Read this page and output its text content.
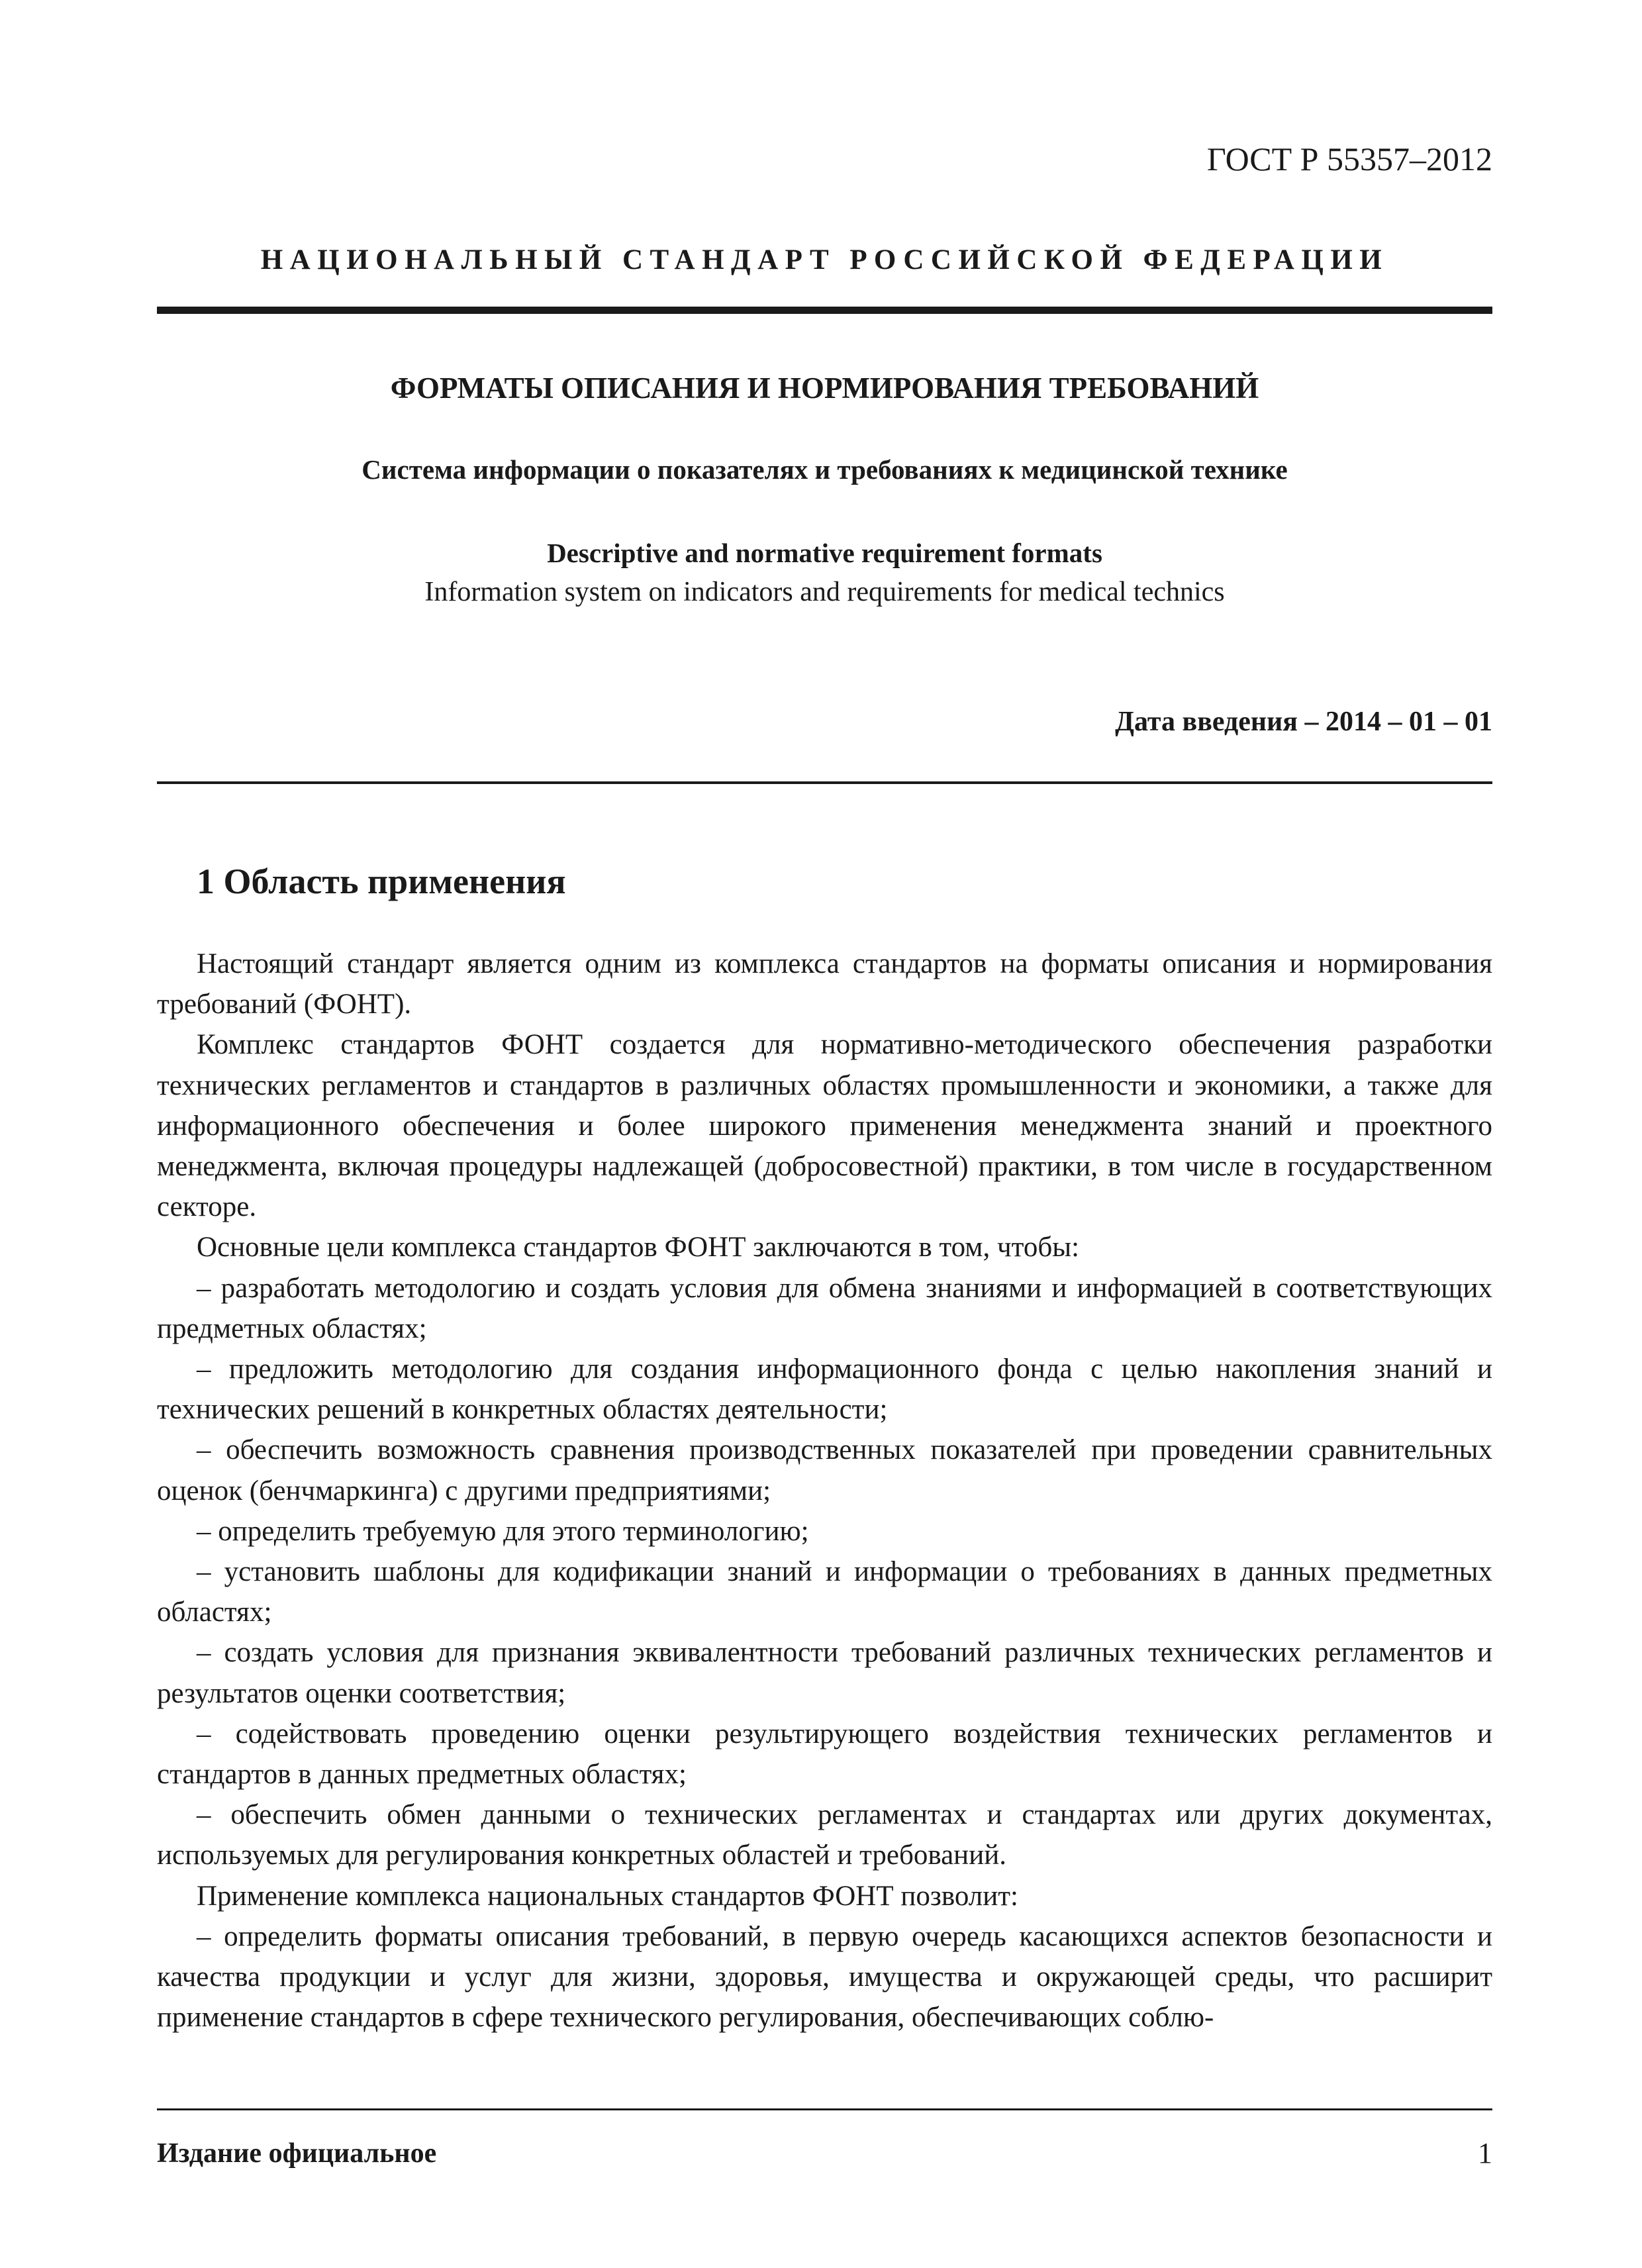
ГОСТ Р 55357–2012
НАЦИОНАЛЬНЫЙ СТАНДАРТ РОССИЙСКОЙ ФЕДЕРАЦИИ
ФОРМАТЫ ОПИСАНИЯ И НОРМИРОВАНИЯ ТРЕБОВАНИЙ
Система информации о показателях и требованиях к медицинской технике
Descriptive and normative requirement formats
Information system on indicators and requirements for medical technics
Дата введения – 2014 – 01 – 01
1 Область применения

Настоящий стандарт является одним из комплекса стандартов на форматы описания и нормирования требований (ФОНТ).

Комплекс стандартов ФОНТ создается для нормативно-методического обеспечения разработки технических регламентов и стандартов в различных областях промышленности и экономики, а также для информационного обеспечения и более широкого применения менеджмента знаний и проектного менеджмента, включая процедуры надлежащей (добросовестной) практики, в том числе в государственном секторе.

Основные цели комплекса стандартов ФОНТ заключаются в том, чтобы:

– разработать методологию и создать условия для обмена знаниями и информацией в соответствующих предметных областях;

– предложить методологию для создания информационного фонда с целью накопления знаний и технических решений в конкретных областях деятельности;

– обеспечить возможность сравнения производственных показателей при проведении сравнительных оценок (бенчмаркинга) с другими предприятиями;

– определить требуемую для этого терминологию;

– установить шаблоны для кодификации знаний и информации о требованиях в данных предметных областях;

– создать условия для признания эквивалентности требований различных технических регламентов и результатов оценки соответствия;

– содействовать проведению оценки результирующего воздействия технических регламентов и стандартов в данных предметных областях;

– обеспечить обмен данными о технических регламентах и стандартах или других документах, используемых для регулирования конкретных областей и требований.

Применение комплекса национальных стандартов ФОНТ позволит:

– определить форматы описания требований, в первую очередь касающихся аспектов безопасности и качества продукции и услуг для жизни, здоровья, имущества и окружающей среды, что расширит применение стандартов в сфере технического регулирования, обеспечивающих соблю-

Издание официальное	1
